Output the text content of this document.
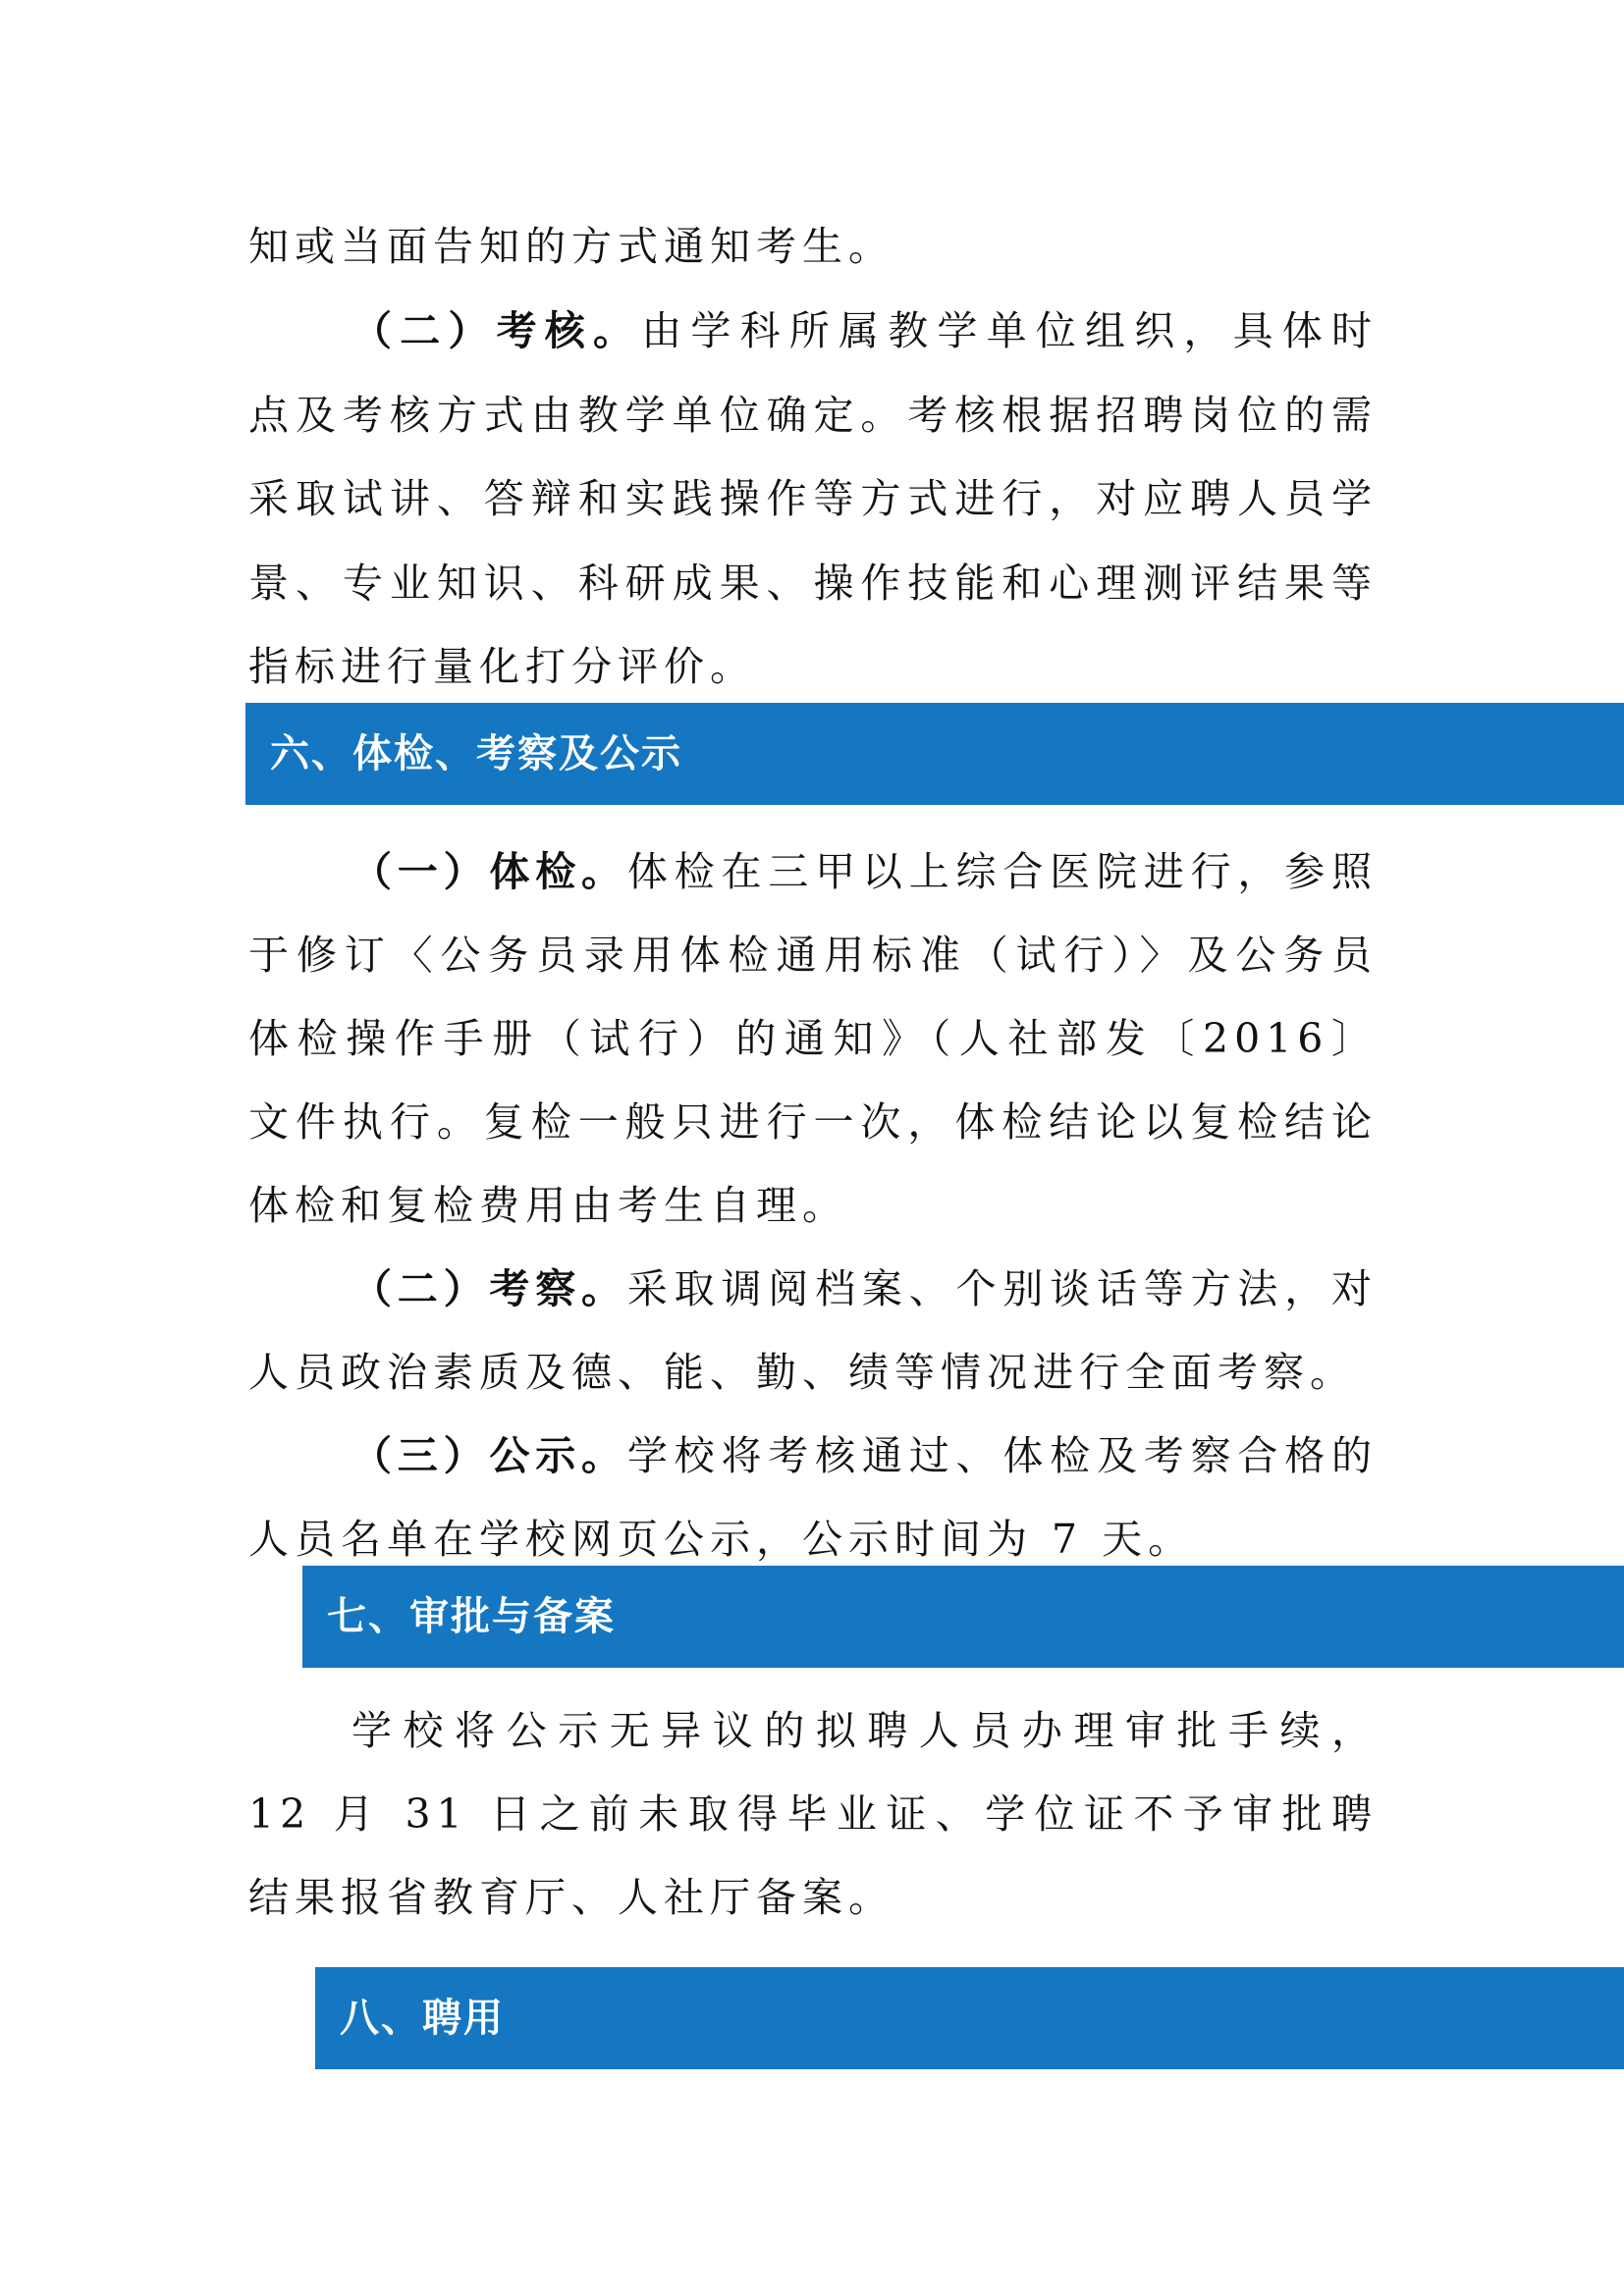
知或当面告知的方式通知考生。
（二）考核。由学科所属教学单位组织，具体时
点及考核方式由教学单位确定。考核根据招聘岗位的需
采取试讲、答辩和实践操作等方式进行，对应聘人员学
景、专业知识、科研成果、操作技能和心理测评结果等
指标进行量化打分评价。
六、体检、考察及公示
（一）体检。体检在三甲以上综合医院进行，参照
于修订〈公务员录用体检通用标准（试行）〉及公务员
体检操作手册（试行）的通知》（人社部发〔2016〕
文件执行。复检一般只进行一次，体检结论以复检结论
体检和复检费用由考生自理。
（二）考察。采取调阅档案、个别谈话等方法，对
人员政治素质及德、能、勤、绩等情况进行全面考察。
（三）公示。学校将考核通过、体检及考察合格的
人员名单在学校网页公示，公示时间为 7 天。
七、审批与备案
学校将公示无异议的拟聘人员办理审批手续，
12 月 31 日之前未取得毕业证、学位证不予审批聘
结果报省教育厅、人社厅备案。
八、聘用
